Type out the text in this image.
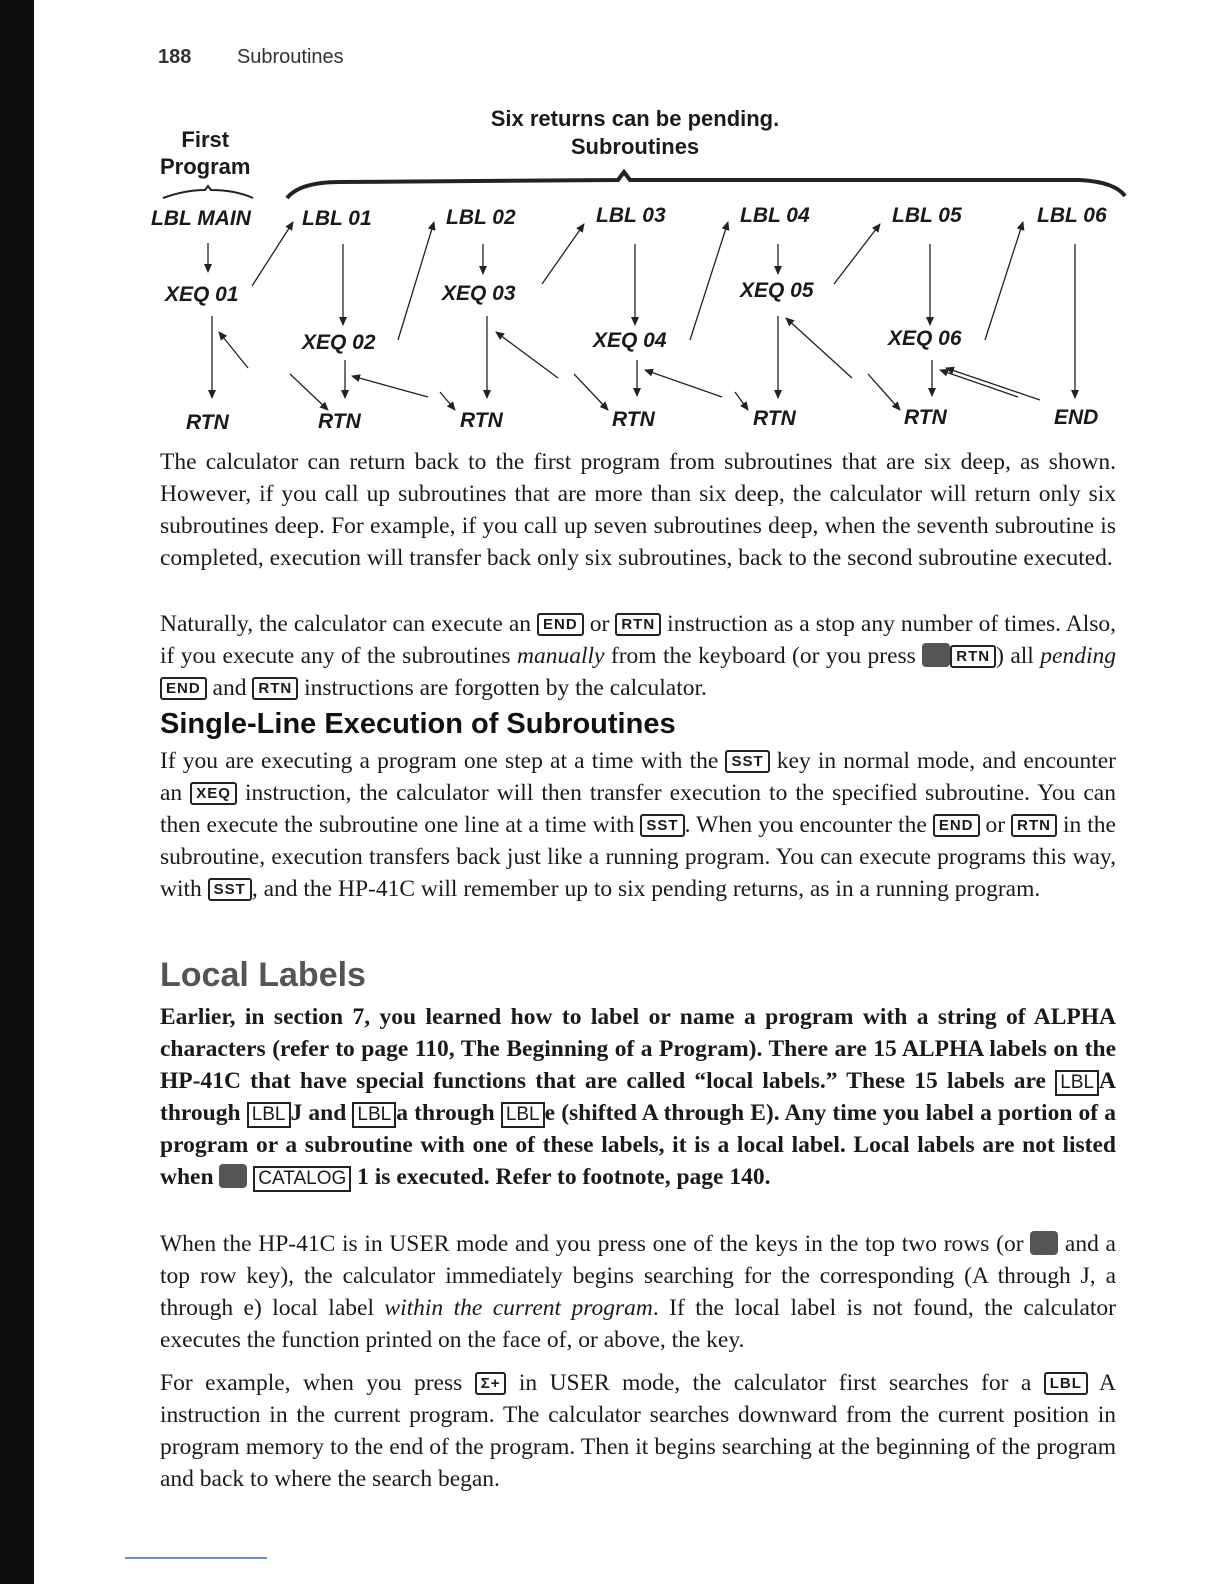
188 Subroutines
First
Program
Six returns can be pending.
Subroutines
LBL MAIN LBL 01	LBL 02	LBL 03	LBL 04	LBL 05	LBL 06
XEQ 01	XEQ 03	XEQ 05
XEQ 02	XEQ 04	XEQ 06
RTN	RTN	RTN	RTN	RTN	RTN	END

The calculator can return back to the first program from subroutines that are six deep, as shown. However, if you call up subroutines that are more than six deep, the calculator will return only six subroutines deep. For example, if you call up seven subroutines deep, when the seventh subroutine is completed, execution will transfer back only six subroutines, back to the second subroutine executed.

Naturally, the calculator can execute an END or RTN instruction as a stop any number of times. Also, if you execute any of the subroutines manually from the keyboard (or you press RTN ) all pending END and RTN instructions are forgotten by the calculator.

Single-Line Execution of Subroutines

If you are executing a program one step at a time with the SST key in normal mode, and encounter an XEQ instruction, the calculator will then transfer execution to the specified subroutine. You can then execute the subroutine one line at a time with SST . When you encounter the END or RTN in the subroutine, execution transfers back just like a running program. You can execute programs this way, with SST , and the HP-41C will remember up to six pending returns, as in a running program.

Local Labels

Earlier, in section 7, you learned how to label or name a program with a string of ALPHA characters (refer to page 110, The Beginning of a Program). There are 15 ALPHA labels on the HP-41C that have special functions that are called “local labels.” These 15 labels are LBL A through LBL J and LBL a through LBL e (shifted A through E). Any time you label a portion of a program or a subroutine with one of these labels, it is a local label. Local labels are not listed when  CATALOG 1 is executed. Refer to footnote, page 140.

When the HP-41C is in USER mode and you press one of the keys in the top two rows (or  and a top row key), the calculator immediately begins searching for the corresponding (A through J, a through e) local label within the current program. If the local label is not found, the calculator executes the function printed on the face of, or above, the key.

For example, when you press Σ+ in USER mode, the calculator first searches for a LBL A instruction in the current program. The calculator searches downward from the current position in program memory to the end of the program. Then it begins searching at the beginning of the program and back to where the search began.
